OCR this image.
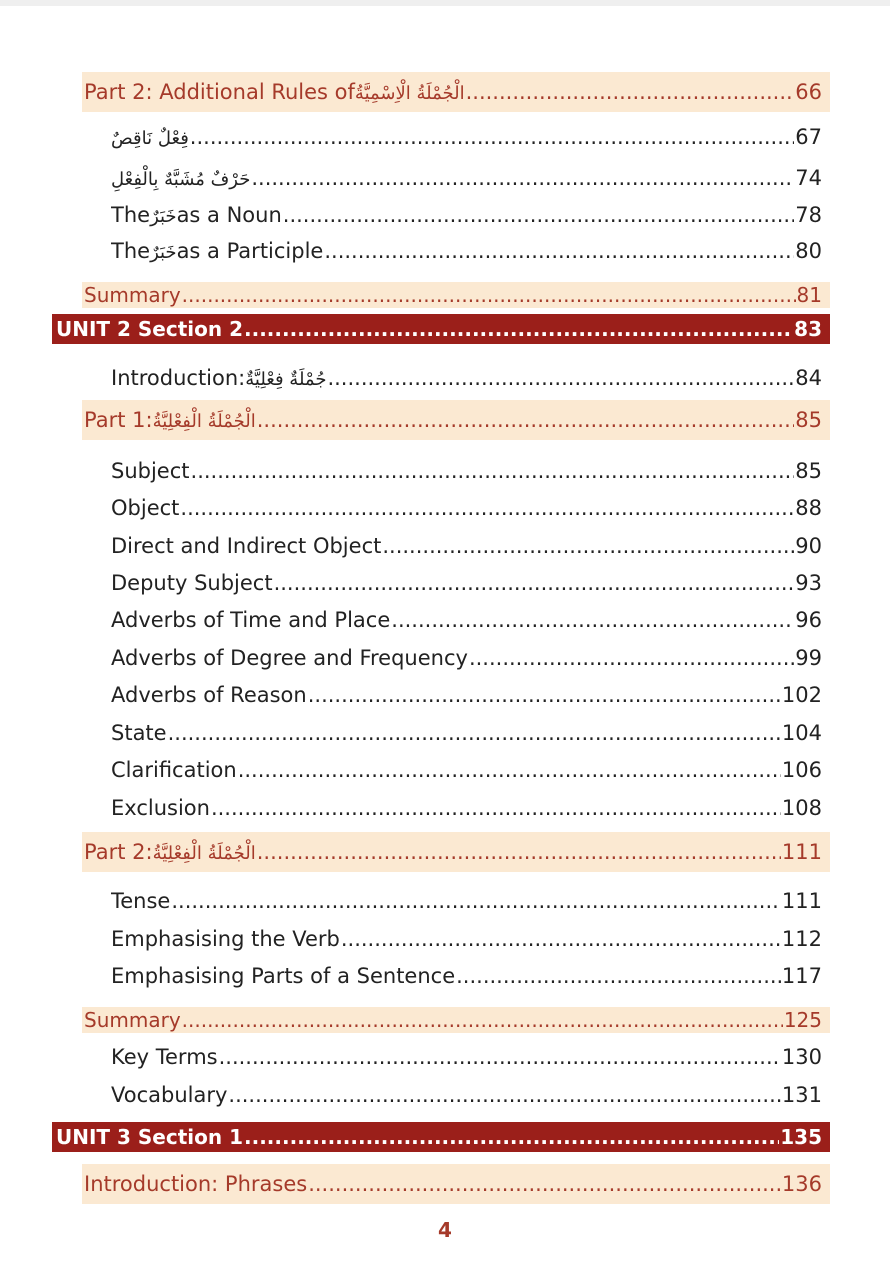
Part 2: Additional Rules of الْجُمْلَةُ الْاِسْمِيَّةُ .....	66
فِعْلٌ نَاقِصٌ .....	67
حَرْفٌ مُشَبَّهٌ بِالْفِعْلِ .....	74
The خَبَرٌ as a Noun .....	78
The خَبَرٌ as a Participle .....	80
Summary .....	81
UNIT 2 Section 2 .....	83
Introduction: جُمْلَةٌ فِعْلِيَّةٌ .....	84
Part 1: الْجُمْلَةُ الْفِعْلِيَّةُ .....	85
Subject .....	85
Object .....	88
Direct and Indirect Object .....	90
Deputy Subject .....	93
Adverbs of Time and Place .....	96
Adverbs of Degree and Frequency .....	99
Adverbs of Reason .....	102
State .....	104
Clarification .....	106
Exclusion .....	108
Part 2: الْجُمْلَةُ الْفِعْلِيَّةُ .....	111
Tense .....	111
Emphasising the Verb .....	112
Emphasising Parts of a Sentence .....	117
Summary .....	125
Key Terms .....	130
Vocabulary .....	131
UNIT 3 Section 1 .....	135
Introduction: Phrases .....	136
4
